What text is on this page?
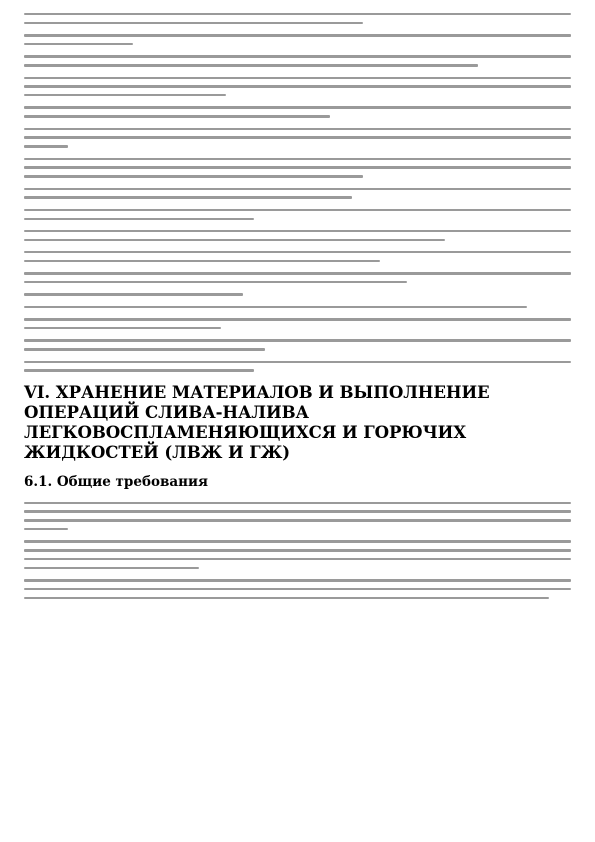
VI. ХРАНЕНИЕ МАТЕРИАЛОВ И ВЫПОЛНЕНИЕ ОПЕРАЦИЙ СЛИВА-НАЛИВА ЛЕГКОВОСПЛАМЕНЯЮЩИХСЯ И ГОРЮЧИХ ЖИДКОСТЕЙ (ЛВЖ И ГЖ)
6.1. Общие требования
